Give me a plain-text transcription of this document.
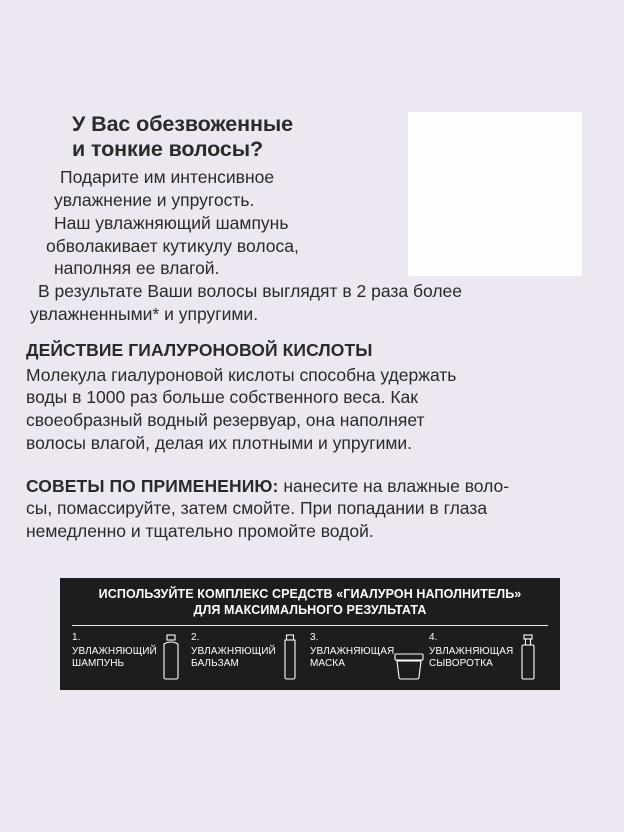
У Вас обезвоженные
и тонкие волосы?

Подарите им интенсивное
увлажнение и упругость.
Наш увлажняющий шампунь
обволакивает кутикулу волоса,
наполняя ее влагой.
В результате Ваши волосы выглядят в 2 раза более
увлажненными* и упругими.

ДЕЙСТВИЕ ГИАЛУРОНОВОЙ КИСЛОТЫ

Молекула гиалуроновой кислоты способна удержать
воды в 1000 раз больше собственного веса. Как
своеобразный водный резервуар, она наполняет
волосы влагой, делая их плотными и упругими.

СОВЕТЫ ПО ПРИМЕНЕНИЮ: нанесите на влажные воло-
сы, помассируйте, затем смойте. При попадании в глаза
немедленно и тщательно промойте водой.

ИСПОЛЬЗУЙТЕ КОМПЛЕКС СРЕДСТВ «ГИАЛУРОН НАПОЛНИТЕЛЬ»
ДЛЯ МАКСИМАЛЬНОГО РЕЗУЛЬТАТА
1.
УВЛАЖНЯЮЩИЙ
ШАМПУНЬ
2.
УВЛАЖНЯЮЩИЙ
БАЛЬЗАМ
3.
УВЛАЖНЯЮЩАЯ
МАСКА
4.
УВЛАЖНЯЮЩАЯ
СЫВОРОТКА
